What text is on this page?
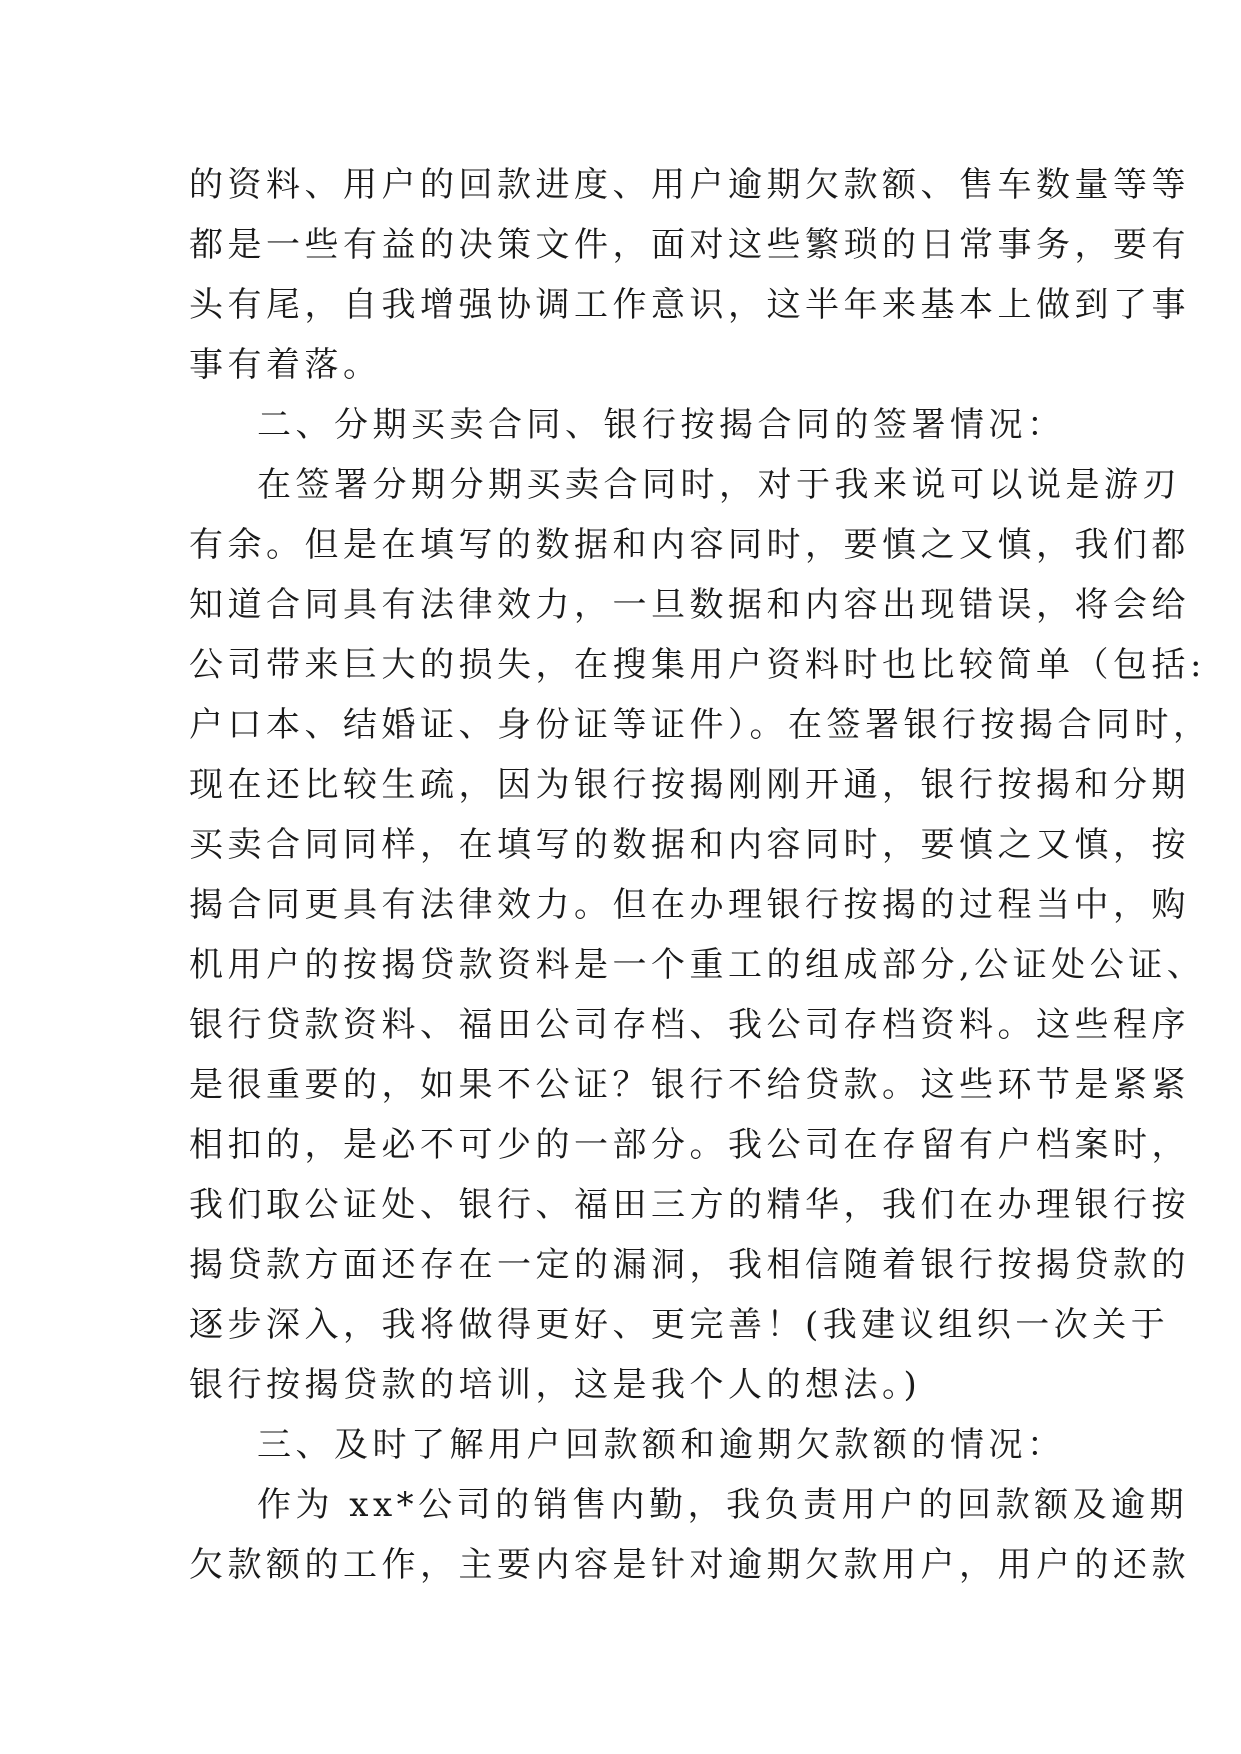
的资料、用户的回款进度、用户逾期欠款额、售车数量等等
都是一些有益的决策文件，面对这些繁琐的日常事务，要有
头有尾，自我增强协调工作意识，这半年来基本上做到了事
事有着落。
二、分期买卖合同、银行按揭合同的签署情况：
在签署分期分期买卖合同时，对于我来说可以说是游刃
有余。但是在填写的数据和内容同时，要慎之又慎，我们都
知道合同具有法律效力，一旦数据和内容出现错误，将会给
公司带来巨大的损失，在搜集用户资料时也比较简单（包括:
户口本、结婚证、身份证等证件）。在签署银行按揭合同时，
现在还比较生疏，因为银行按揭刚刚开通，银行按揭和分期
买卖合同同样，在填写的数据和内容同时，要慎之又慎，按
揭合同更具有法律效力。但在办理银行按揭的过程当中，购
机用户的按揭贷款资料是一个重工的组成部分,公证处公证、
银行贷款资料、福田公司存档、我公司存档资料。这些程序
是很重要的，如果不公证？银行不给贷款。这些环节是紧紧
相扣的，是必不可少的一部分。我公司在存留有户档案时，
我们取公证处、银行、福田三方的精华，我们在办理银行按
揭贷款方面还存在一定的漏洞，我相信随着银行按揭贷款的
逐步深入，我将做得更好、更完善！(我建议组织一次关于
银行按揭贷款的培训，这是我个人的想法。)
三、及时了解用户回款额和逾期欠款额的情况：
作为 xx*公司的销售内勤，我负责用户的回款额及逾期
欠款额的工作，主要内容是针对逾期欠款用户，用户的还款
